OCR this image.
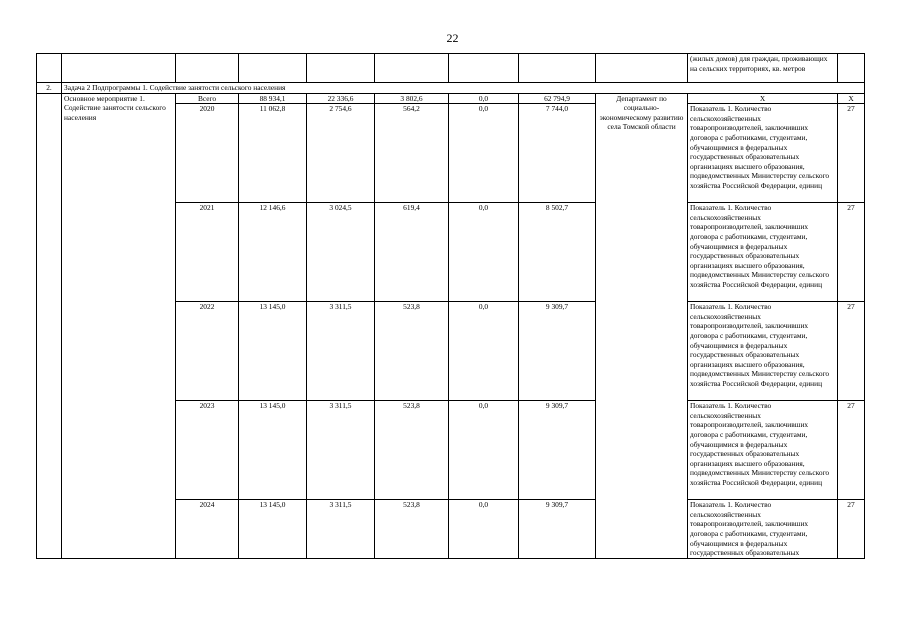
22
									(жилых домов) для граждан, проживающих на сельских территориях, кв. метров	
2.	Задача 2 Подпрограммы 1. Содействие занятости сельского населения									
	Основное мероприятие 1. Содействие занятости сельского населения	Всего	88 934,1	22 336,6	3 802,6	0,0	62 794,9	Департамент по социально-экономическому развитию села Томской области	Х	Х
		2020	11 062,8	2 754,6	564,2	0,0	7 744,0		Показатель 1. Количество сельскохозяйственных товаропроизводителей, заключивших договора с работниками, студентами, обучающимися в федеральных государственных образовательных организациях высшего образования, подведомственных Министерству сельского хозяйства Российской Федерации, единиц	27
		2021	12 146,6	3 024,5	619,4	0,0	8 502,7		Показатель 1. Количество сельскохозяйственных товаропроизводителей, заключивших договора с работниками, студентами, обучающимися в федеральных государственных образовательных организациях высшего образования, подведомственных Министерству сельского хозяйства Российской Федерации, единиц	27
		2022	13 145,0	3 311,5	523,8	0,0	9 309,7		Показатель 1. Количество сельскохозяйственных товаропроизводителей, заключивших договора с работниками, студентами, обучающимися в федеральных государственных образовательных организациях высшего образования, подведомственных Министерству сельского хозяйства Российской Федерации, единиц	27
		2023	13 145,0	3 311,5	523,8	0,0	9 309,7		Показатель 1. Количество сельскохозяйственных товаропроизводителей, заключивших договора с работниками, студентами, обучающимися в федеральных государственных образовательных организациях высшего образования, подведомственных Министерству сельского хозяйства Российской Федерации, единиц	27
		2024	13 145,0	3 311,5	523,8	0,0	9 309,7		Показатель 1. Количество сельскохозяйственных товаропроизводителей, заключивших договора с работниками, студентами, обучающимися в федеральных государственных образовательных	27
